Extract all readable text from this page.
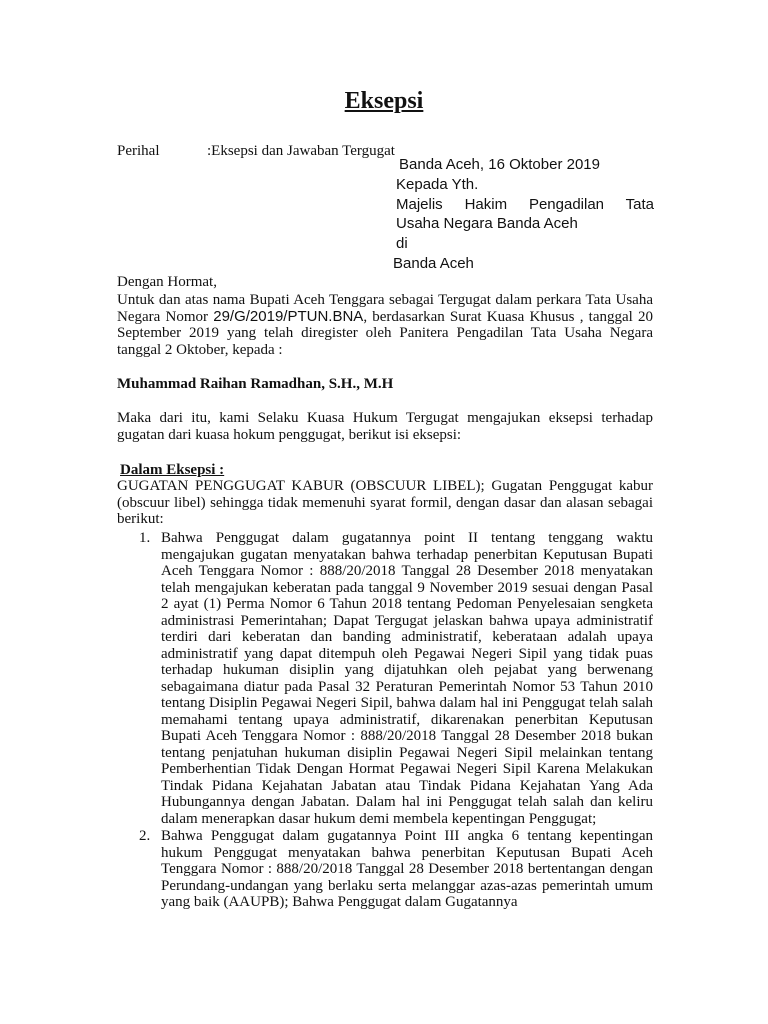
Eksepsi
Perihal	:Eksepsi dan Jawaban Tergugat
Banda Aceh, 16 Oktober 2019
Kepada Yth.
Majelis Hakim Pengadilan Tata
Usaha Negara Banda Aceh
di
Banda Aceh
Dengan Hormat,
Untuk dan atas nama Bupati Aceh Tenggara sebagai Tergugat dalam perkara Tata Usaha Negara Nomor 29/G/2019/PTUN.BNA, berdasarkan Surat Kuasa Khusus , tanggal 20 September 2019 yang telah diregister oleh Panitera Pengadilan Tata Usaha Negara tanggal 2 Oktober, kepada :
Muhammad Raihan Ramadhan, S.H., M.H
Maka dari itu, kami Selaku Kuasa Hukum Tergugat mengajukan eksepsi terhadap gugatan dari kuasa hokum penggugat, berikut isi eksepsi:
Dalam Eksepsi :
GUGATAN PENGGUGAT KABUR (OBSCUUR LIBEL); Gugatan Penggugat kabur (obscuur libel) sehingga tidak memenuhi syarat formil, dengan dasar dan alasan sebagai berikut:
1. Bahwa Penggugat dalam gugatannya point II tentang tenggang waktu mengajukan gugatan menyatakan bahwa terhadap penerbitan Keputusan Bupati Aceh Tenggara Nomor : 888/20/2018 Tanggal 28 Desember 2018 menyatakan telah mengajukan keberatan pada tanggal 9 November 2019 sesuai dengan Pasal 2 ayat (1) Perma Nomor 6 Tahun 2018 tentang Pedoman Penyelesaian sengketa administrasi Pemerintahan; Dapat Tergugat jelaskan bahwa upaya administratif terdiri dari keberatan dan banding administratif, keberataan adalah upaya administratif yang dapat ditempuh oleh Pegawai Negeri Sipil yang tidak puas terhadap hukuman disiplin yang dijatuhkan oleh pejabat yang berwenang sebagaimana diatur pada Pasal 32 Peraturan Pemerintah Nomor 53 Tahun 2010 tentang Disiplin Pegawai Negeri Sipil, bahwa dalam hal ini Penggugat telah salah memahami tentang upaya administratif, dikarenakan penerbitan Keputusan Bupati Aceh Tenggara Nomor : 888/20/2018 Tanggal 28 Desember 2018 bukan tentang penjatuhan hukuman disiplin Pegawai Negeri Sipil melainkan tentang Pemberhentian Tidak Dengan Hormat Pegawai Negeri Sipil Karena Melakukan Tindak Pidana Kejahatan Jabatan atau Tindak Pidana Kejahatan Yang Ada Hubungannya dengan Jabatan. Dalam hal ini Penggugat telah salah dan keliru dalam menerapkan dasar hukum demi membela kepentingan Penggugat;
2. Bahwa Penggugat dalam gugatannya Point III angka 6 tentang kepentingan hukum Penggugat menyatakan bahwa penerbitan Keputusan Bupati Aceh Tenggara Nomor : 888/20/2018 Tanggal 28 Desember 2018 bertentangan dengan Perundang-undangan yang berlaku serta melanggar azas-azas pemerintah umum yang baik (AAUPB); Bahwa Penggugat dalam Gugatannya
